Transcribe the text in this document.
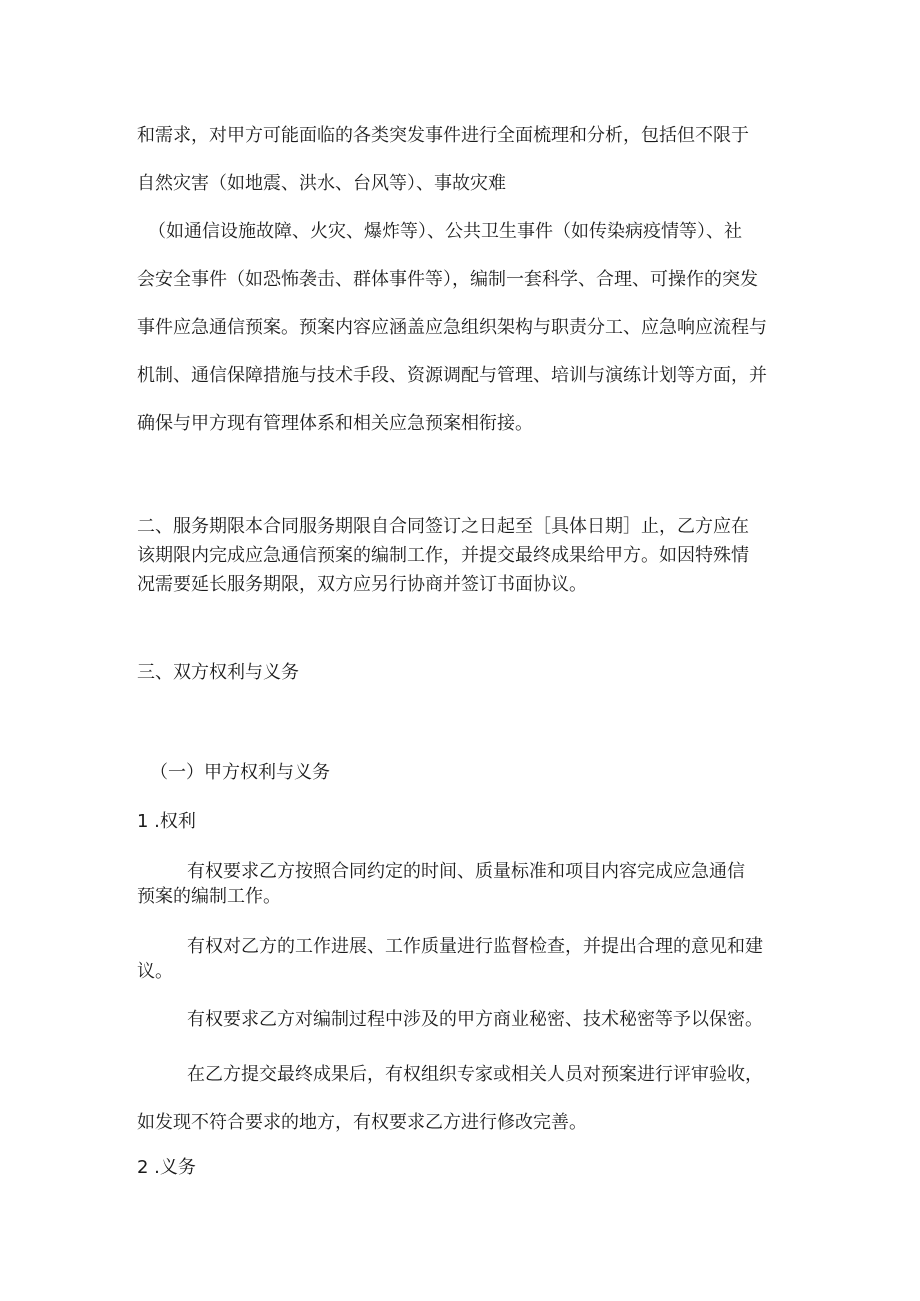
和需求，对甲方可能面临的各类突发事件进行全面梳理和分析，包括但不限于
自然灾害（如地震、洪水、台风等）、事故灾难
（如通信设施故障、火灾、爆炸等）、公共卫生事件（如传染病疫情等）、社
会安全事件（如恐怖袭击、群体事件等），编制一套科学、合理、可操作的突发
事件应急通信预案。预案内容应涵盖应急组织架构与职责分工、应急响应流程与
机制、通信保障措施与技术手段、资源调配与管理、培训与演练计划等方面，并
确保与甲方现有管理体系和相关应急预案相衔接。
二、服务期限本合同服务期限自合同签订之日起至［具体日期］止，乙方应在
该期限内完成应急通信预案的编制工作，并提交最终成果给甲方。如因特殊情
况需要延长服务期限，双方应另行协商并签订书面协议。
三、双方权利与义务
（一）甲方权利与义务
1 .权利
有权要求乙方按照合同约定的时间、质量标准和项目内容完成应急通信
预案的编制工作。
有权对乙方的工作进展、工作质量进行监督检查，并提出合理的意见和建
议。
有权要求乙方对编制过程中涉及的甲方商业秘密、技术秘密等予以保密。
在乙方提交最终成果后，有权组织专家或相关人员对预案进行评审验收，
如发现不符合要求的地方，有权要求乙方进行修改完善。
2 .义务
